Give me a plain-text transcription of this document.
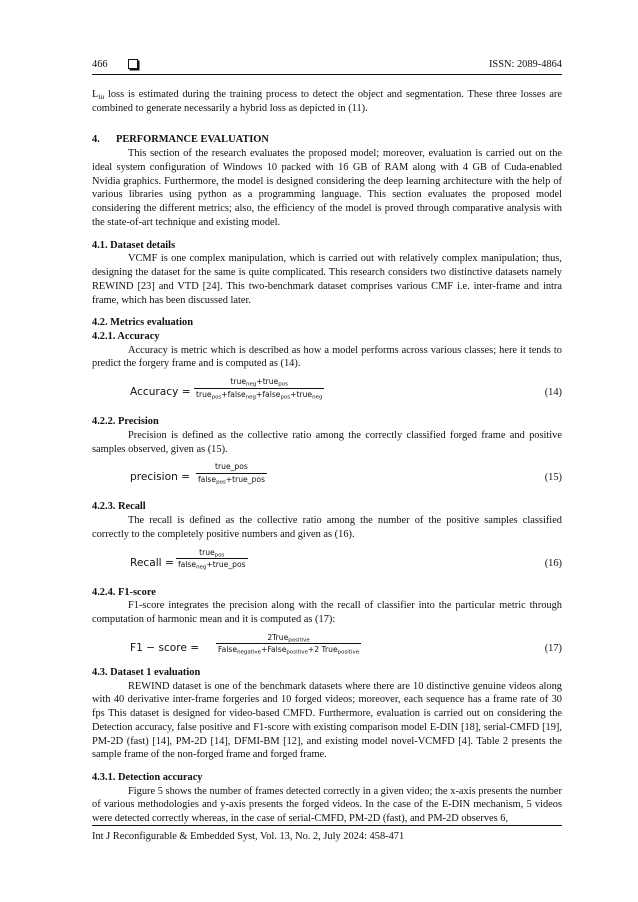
466	ISSN: 2089-4864

$L_{iu}$ loss is estimated during the training process to detect the object and segmentation. These three losses are combined to generate necessarily a hybrid loss as depicted in (11).

4.	PERFORMANCE EVALUATION

This section of the research evaluates the proposed model; moreover, evaluation is carried out on the ideal system configuration of Windows 10 packed with 16 GB of RAM along with 4 GB of Cuda-enabled Nvidia graphics. Furthermore, the model is designed considering the deep learning architecture with the help of various libraries using python as a programming language. This section evaluates the proposed model considering the different metrics; also, the efficiency of the model is proved through comparative analysis with the state-of-art technique and existing model.

4.1. Dataset details

VCMF is one complex manipulation, which is carried out with relatively complex manipulation; thus, designing the dataset for the same is quite complicated. This research considers two distinctive datasets namely REWIND [23] and VTD [24]. This two-benchmark dataset comprises various CMF i.e. inter-frame and intra frame, which has been discussed later.

4.2. Metrics evaluation
4.2.1. Accuracy

Accuracy is metric which is described as how a model performs across various classes; here it tends to predict the forgery frame and is computed as (14).

Accuracy =
true$_{neg}$+true$_{pos}$
true$_{pos}$+false$_{neg}$+false$_{pos}$+true$_{neg}$	(14)
4.2.2. Precision

Precision is defined as the collective ratio among the correctly classified forged frame and positive samples observed, given as (15).

precision =
true_pos
false$_{pos}$+true_pos	(15)
4.2.3. Recall

The recall is defined as the collective ratio among the number of the positive samples classified correctly to the completely positive numbers and given as (16).

Recall =
true$_{pos}$
false$_{neg}$+true_pos	(16)
4.2.4. F1-score

F1-score integrates the precision along with the recall of classifier into the particular metric through computation of harmonic mean and it is computed as (17):

F1 − score =
2True$_{positive}$
False$_{negative}$+False$_{positive}$+2 True$_{positive}$	(17)
4.3. Dataset 1 evaluation

REWIND dataset is one of the benchmark datasets where there are 10 distinctive genuine videos along with 40 derivative inter-frame forgeries and 10 forged videos; moreover, each sequence has a frame rate of 30 fps This dataset is designed for video-based CMFD. Furthermore, evaluation is carried out on considering the Detection accuracy, false positive and F1-score with existing comparison model E-DIN [18], serial-CMFD [19], PM-2D (fast) [14], PM-2D [14], DFMI-BM [12], and existing model novel-VCMFD [4]. Table 2 presents the sample frame of the non-forged frame and forged frame.

4.3.1. Detection accuracy

Figure 5 shows the number of frames detected correctly in a given video; the x-axis presents the number of various methodologies and y-axis presents the forged videos. In the case of the E-DIN mechanism, 5 videos were detected correctly whereas, in the case of serial-CMFD, PM-2D (fast), and PM-2D observes 6,

Int J Reconfigurable & Embedded Syst, Vol. 13, No. 2, July 2024: 458-471
